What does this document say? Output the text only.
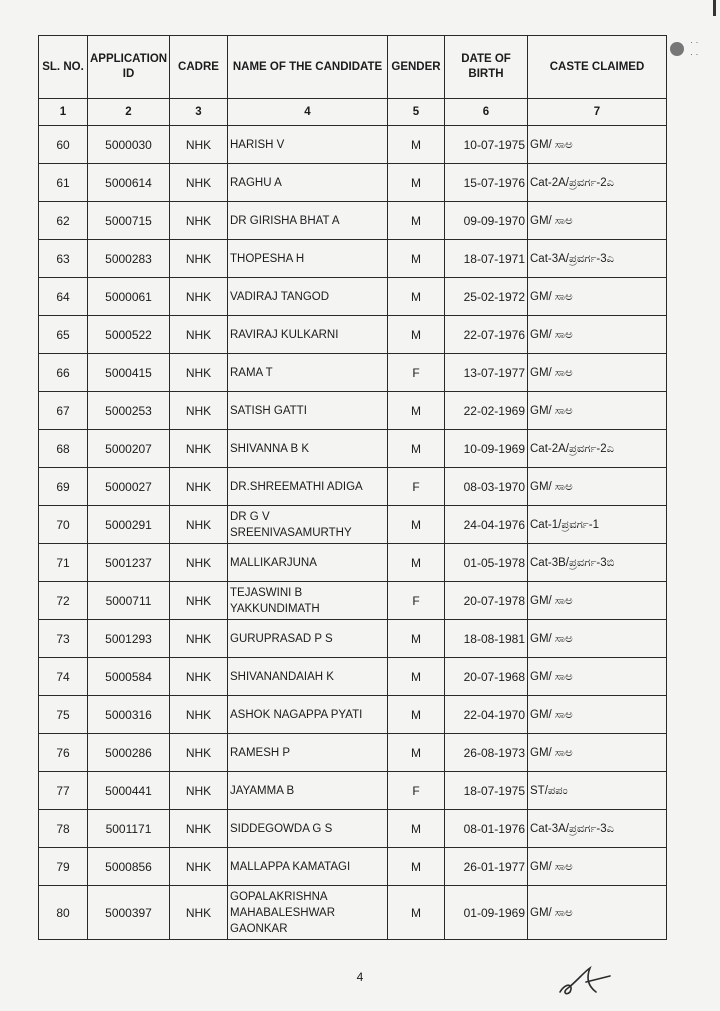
· ·
· ·
SL. NO.	APPLICATION ID	CADRE	NAME OF THE CANDIDATE	GENDER	DATE OF BIRTH	CASTE CLAIMED
1	2	3	4	5	6	7
60	5000030	NHK	HARISH V	M	10-07-1975	GM/ ಸಾಅ
61	5000614	NHK	RAGHU A	M	15-07-1976	Cat-2A/ಪ್ರವರ್ಗ-2ಎ
62	5000715	NHK	DR GIRISHA BHAT A	M	09-09-1970	GM/ ಸಾಅ
63	5000283	NHK	THOPESHA H	M	18-07-1971	Cat-3A/ಪ್ರವರ್ಗ-3ಎ
64	5000061	NHK	VADIRAJ TANGOD	M	25-02-1972	GM/ ಸಾಅ
65	5000522	NHK	RAVIRAJ KULKARNI	M	22-07-1976	GM/ ಸಾಅ
66	5000415	NHK	RAMA T	F	13-07-1977	GM/ ಸಾಅ
67	5000253	NHK	SATISH GATTI	M	22-02-1969	GM/ ಸಾಅ
68	5000207	NHK	SHIVANNA B K	M	10-09-1969	Cat-2A/ಪ್ರವರ್ಗ-2ಎ
69	5000027	NHK	DR.SHREEMATHI ADIGA	F	08-03-1970	GM/ ಸಾಅ
70	5000291	NHK	DR G V SREENIVASAMURTHY	M	24-04-1976	Cat-1/ಪ್ರವರ್ಗ-1
71	5001237	NHK	MALLIKARJUNA	M	01-05-1978	Cat-3B/ಪ್ರವರ್ಗ-3ಬಿ
72	5000711	NHK	TEJASWINI B YAKKUNDIMATH	F	20-07-1978	GM/ ಸಾಅ
73	5001293	NHK	GURUPRASAD P S	M	18-08-1981	GM/ ಸಾಅ
74	5000584	NHK	SHIVANANDAIAH K	M	20-07-1968	GM/ ಸಾಅ
75	5000316	NHK	ASHOK NAGAPPA PYATI	M	22-04-1970	GM/ ಸಾಅ
76	5000286	NHK	RAMESH P	M	26-08-1973	GM/ ಸಾಅ
77	5000441	NHK	JAYAMMA B	F	18-07-1975	ST/ಪಪಂ
78	5001171	NHK	SIDDEGOWDA G S	M	08-01-1976	Cat-3A/ಪ್ರವರ್ಗ-3ಎ
79	5000856	NHK	MALLAPPA KAMATAGI	M	26-01-1977	GM/ ಸಾಅ
80	5000397	NHK	GOPALAKRISHNA MAHABALESHWAR GAONKAR	M	01-09-1969	GM/ ಸಾಅ
4
